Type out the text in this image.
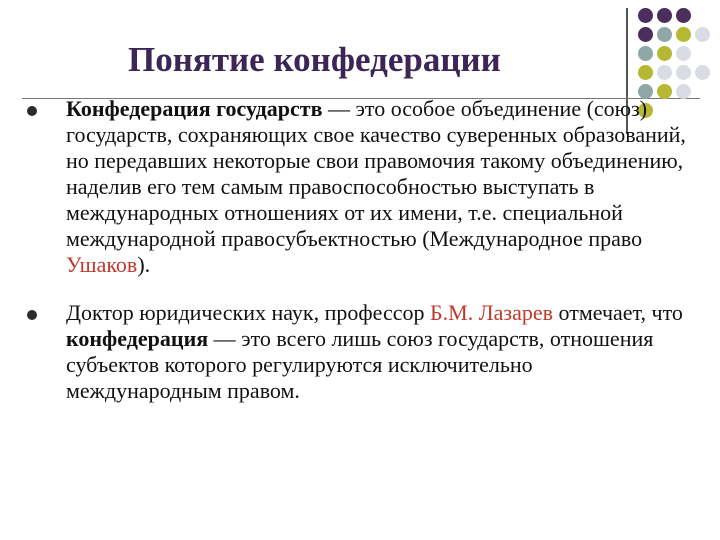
Понятие конфедерации

Конфедерация государств — это особое объединение (союз) государств, сохраняющих свое качество суверенных образований, но передавших некоторые свои правомочия такому объединению, наделив его тем самым правоспособностью выступать в международных отношениях от их имени, т.е. специальной международной правосубъектностью (Международное право Ушаков).

Доктор юридических наук, профессор Б.М. Лазарев отмечает, что конфедерация — это всего лишь союз государств, отношения субъектов которого регулируются исключительно международным правом.
